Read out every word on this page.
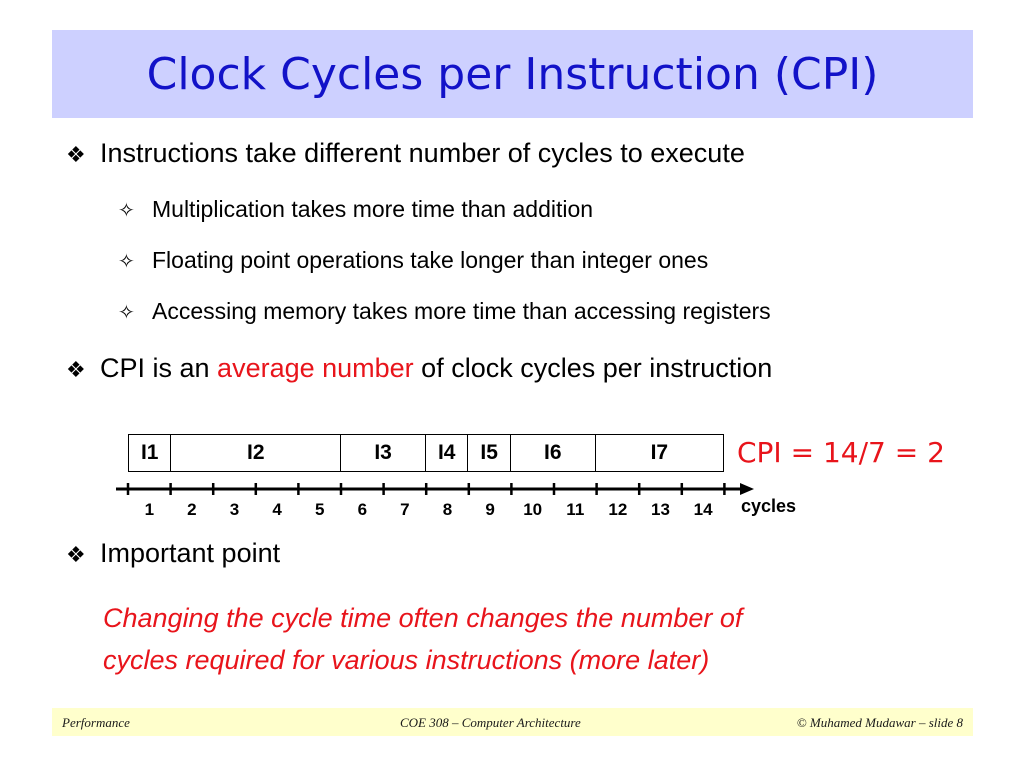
Clock Cycles per Instruction (CPI)
❖ Instructions take different number of cycles to execute
✧ Multiplication takes more time than addition
✧ Floating point operations take longer than integer ones
✧ Accessing memory takes more time than accessing registers
❖ CPI is an average number of clock cycles per instruction
I1	I2	I3	I4	I5	I6	I7	CPI = 14/7 = 2
1	2	3	4	5	6	7	8	9	10	11	12	13	14	cycles
❖ Important point
Changing the cycle time often changes the number of
cycles required for various instructions (more later)
Performance	COE 308 – Computer Architecture	© Muhamed Mudawar – slide 8
